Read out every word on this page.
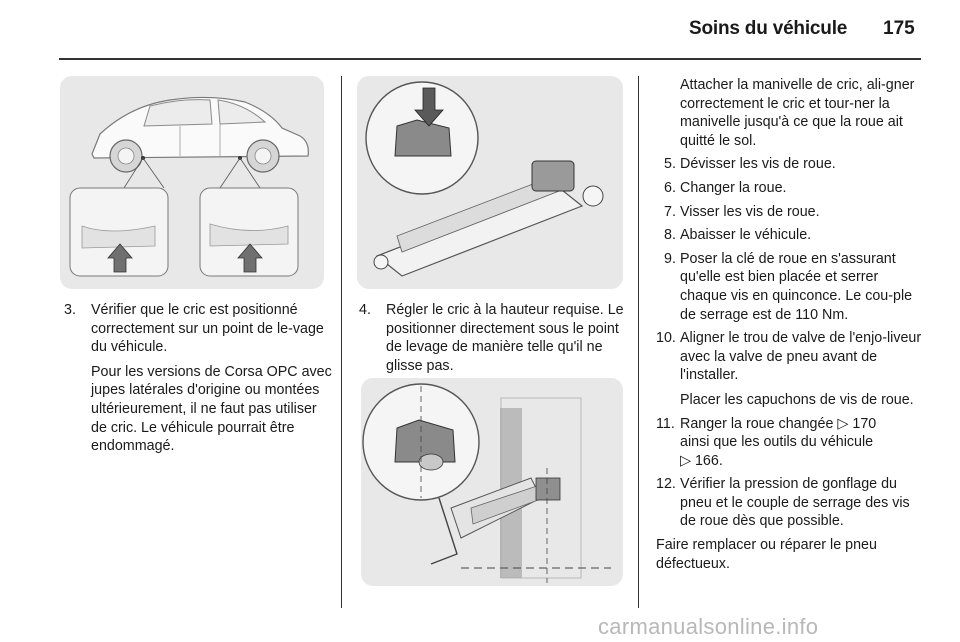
Soins du véhicule 175
3. Vérifier que le cric est positionné correctement sur un point de le-vage du véhicule.

Pour les versions de Corsa OPC avec jupes latérales d'origine ou montées ultérieurement, il ne faut pas utiliser de cric. Le véhicule pourrait être endommagé.

4. Régler le cric à la hauteur requise. Le positionner directement sous le point de levage de manière telle qu'il ne glisse pas.

Attacher la manivelle de cric, ali-gner correctement le cric et tour-ner la manivelle jusqu'à ce que la roue ait quitté le sol.

5. Dévisser les vis de roue.

6. Changer la roue.

7. Visser les vis de roue.

8. Abaisser le véhicule.

9. Poser la clé de roue en s'assurant qu'elle est bien placée et serrer chaque vis en quinconce. Le cou-ple de serrage est de 110 Nm.

10. Aligner le trou de valve de l'enjo-liveur avec la valve de pneu avant de l'installer.

Placer les capuchons de vis de roue.

11. Ranger la roue changée ▷ 170
ainsi que les outils du véhicule
▷ 166.

12. Vérifier la pression de gonflage du pneu et le couple de serrage des vis de roue dès que possible.

Faire remplacer ou réparer le pneu défectueux.

carmanualsonline.info
